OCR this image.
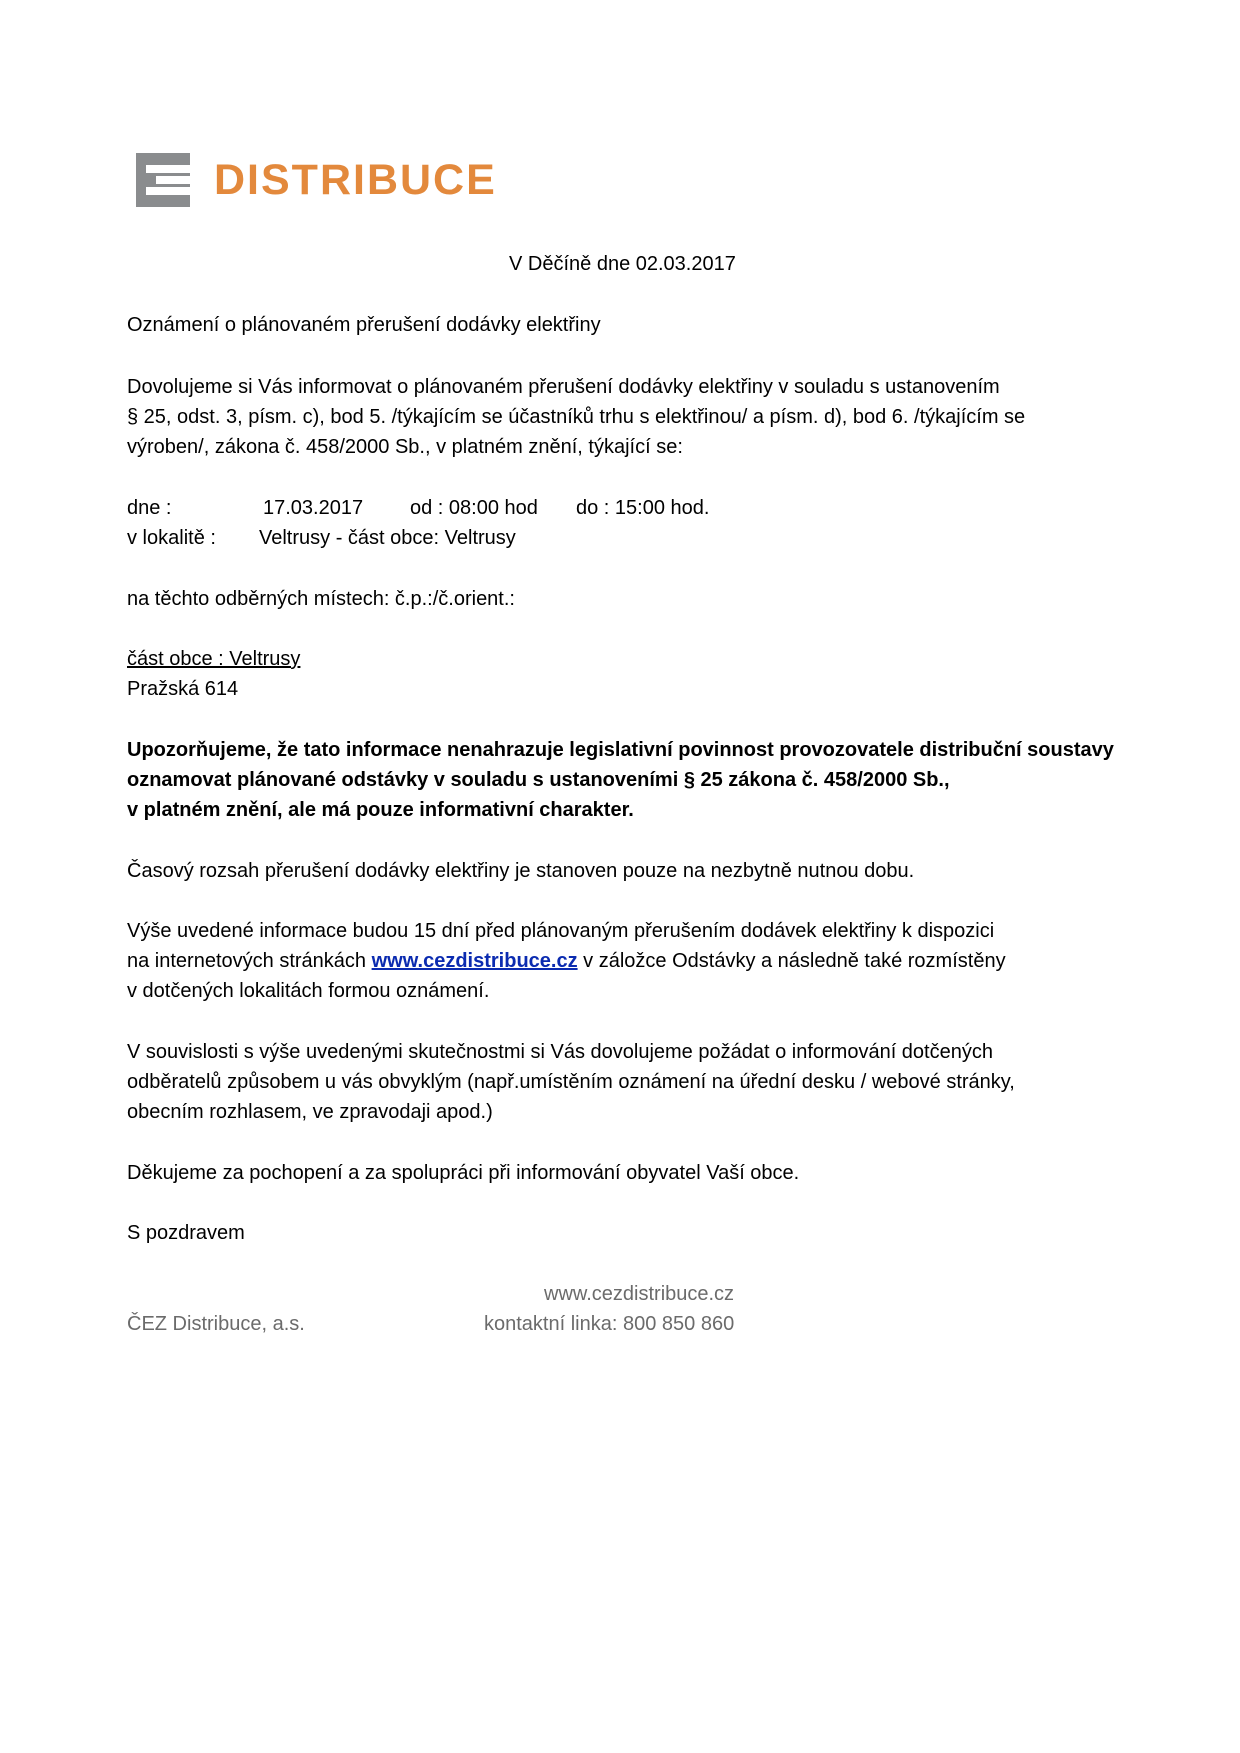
DISTRIBUCE
V Děčíně dne 02.03.2017
Oznámení o plánovaném přerušení dodávky elektřiny
Dovolujeme si Vás informovat o plánovaném přerušení dodávky elektřiny v souladu s ustanovením
§ 25, odst. 3, písm. c), bod 5. /týkajícím se účastníků trhu s elektřinou/ a písm. d), bod 6. /týkajícím se
výroben/, zákona č. 458/2000 Sb., v platném znění, týkající se:
dne :	17.03.2017 od : 08:00 hod do : 15:00 hod.
v lokalitě : Veltrusy - část obce: Veltrusy
na těchto odběrných místech: č.p.:/č.orient.:
část obce : Veltrusy
Pražská 614
Upozorňujeme, že tato informace nenahrazuje legislativní povinnost provozovatele distribuční soustavy
oznamovat plánované odstávky v souladu s ustanoveními § 25 zákona č. 458/2000 Sb.,
v platném znění, ale má pouze informativní charakter.
Časový rozsah přerušení dodávky elektřiny je stanoven pouze na nezbytně nutnou dobu.
Výše uvedené informace budou 15 dní před plánovaným přerušením dodávek elektřiny k dispozici
na internetových stránkách www.cezdistribuce.cz v záložce Odstávky a následně také rozmístěny
v dotčených lokalitách formou oznámení.
V souvislosti s výše uvedenými skutečnostmi si Vás dovolujeme požádat o informování dotčených
odběratelů způsobem u vás obvyklým (např.umístěním oznámení na úřední desku / webové stránky,
obecním rozhlasem, ve zpravodaji apod.)
Děkujeme za pochopení a za spolupráci při informování obyvatel Vaší obce.
S pozdravem
www.cezdistribuce.cz
ČEZ Distribuce, a.s.	kontaktní linka: 800 850 860
